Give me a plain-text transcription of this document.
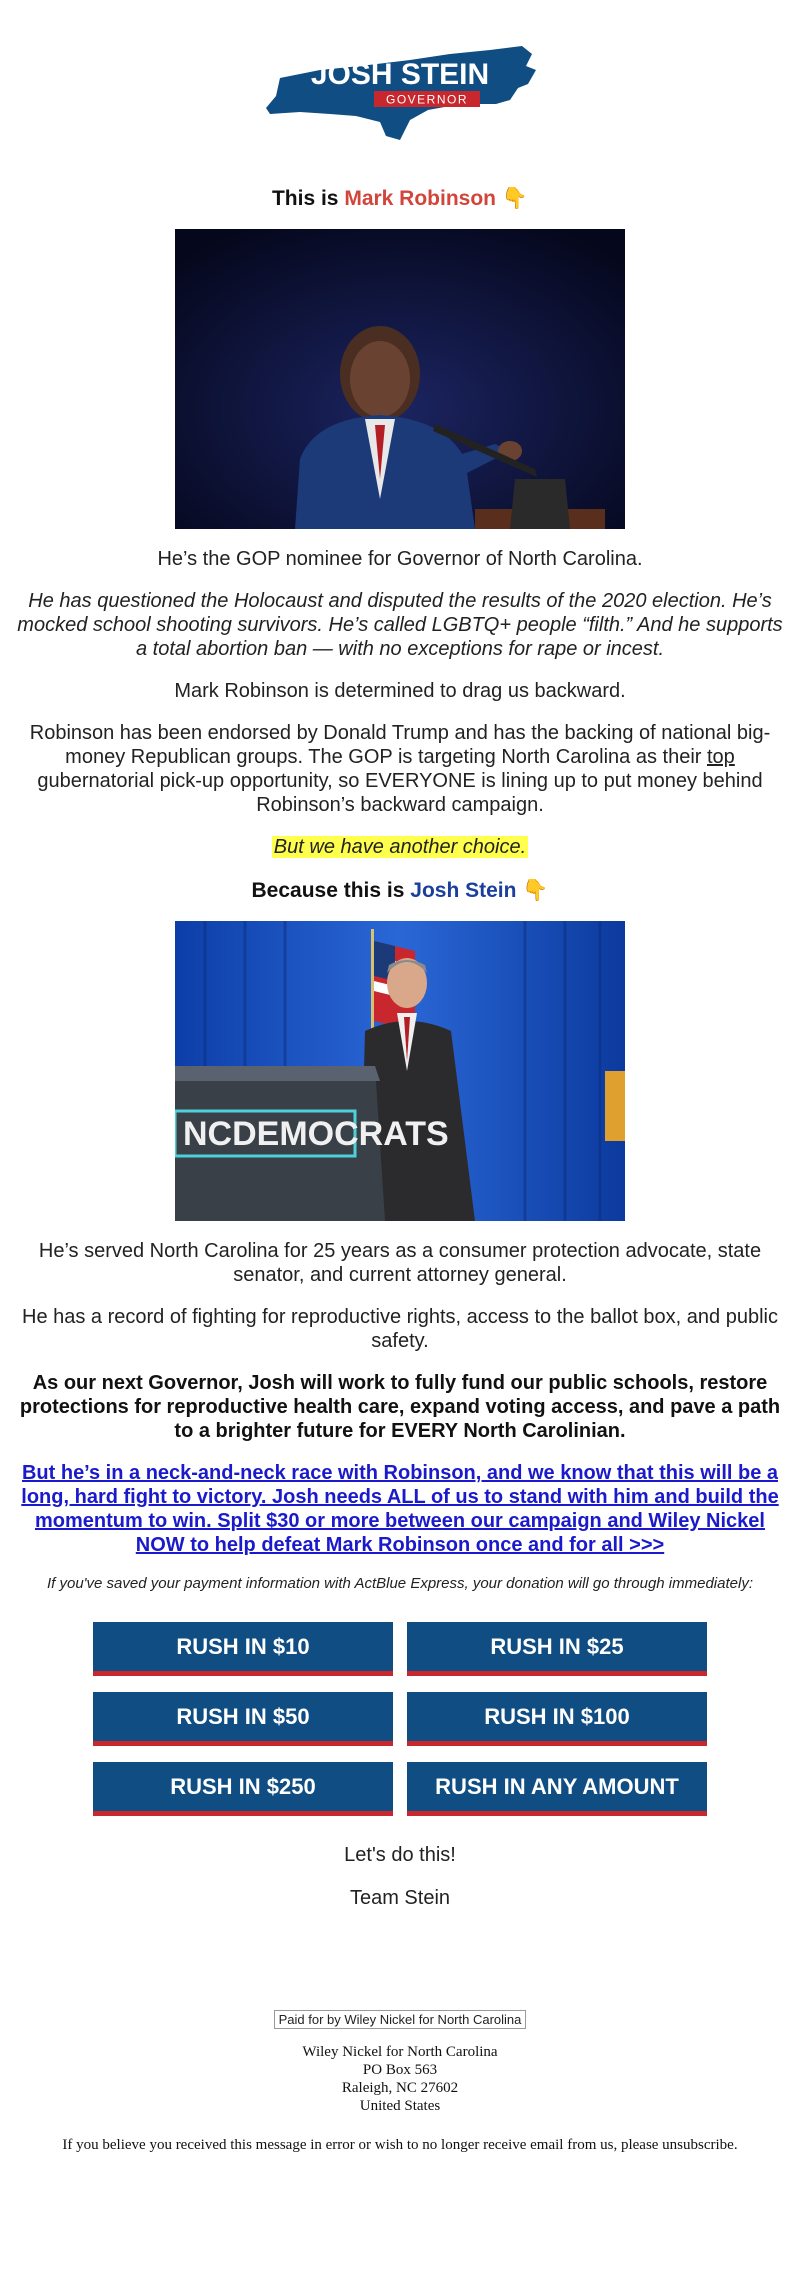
JOSH STEIN
GOVERNOR
This is Mark Robinson 👇

He’s the GOP nominee for Governor of North Carolina.

He has questioned the Holocaust and disputed the results of the 2020 election. He’s mocked school shooting survivors. He’s called LGBTQ+ people “filth.” And he supports a total abortion ban — with no exceptions for rape or incest.

Mark Robinson is determined to drag us backward.

Robinson has been endorsed by Donald Trump and has the backing of national big-money Republican groups. The GOP is targeting North Carolina as their top gubernatorial pick-up opportunity, so EVERYONE is lining up to put money behind Robinson’s backward campaign.

But we have another choice.

Because this is Josh Stein 👇
NCDEMOCRATS

He’s served North Carolina for 25 years as a consumer protection advocate, state senator, and current attorney general.

He has a record of fighting for reproductive rights, access to the ballot box, and public safety.

As our next Governor, Josh will work to fully fund our public schools, restore protections for reproductive health care, expand voting access, and pave a path to a brighter future for EVERY North Carolinian.

But he’s in a neck-and-neck race with Robinson, and we know that this will be a long, hard fight to victory. Josh needs ALL of us to stand with him and build the momentum to win. Split $30 or more between our campaign and Wiley Nickel NOW to help defeat Mark Robinson once and for all >>>

If you've saved your payment information with ActBlue Express, your donation will go through immediately:

RUSH IN $10	RUSH IN $25
RUSH IN $50	RUSH IN $100
RUSH IN $250	RUSH IN ANY AMOUNT
Let's do this!
Team Stein
Paid for by Wiley Nickel for North Carolina
Wiley Nickel for North Carolina
PO Box 563
Raleigh, NC 27602
United States
If you believe you received this message in error or wish to no longer receive email from us, please unsubscribe.
